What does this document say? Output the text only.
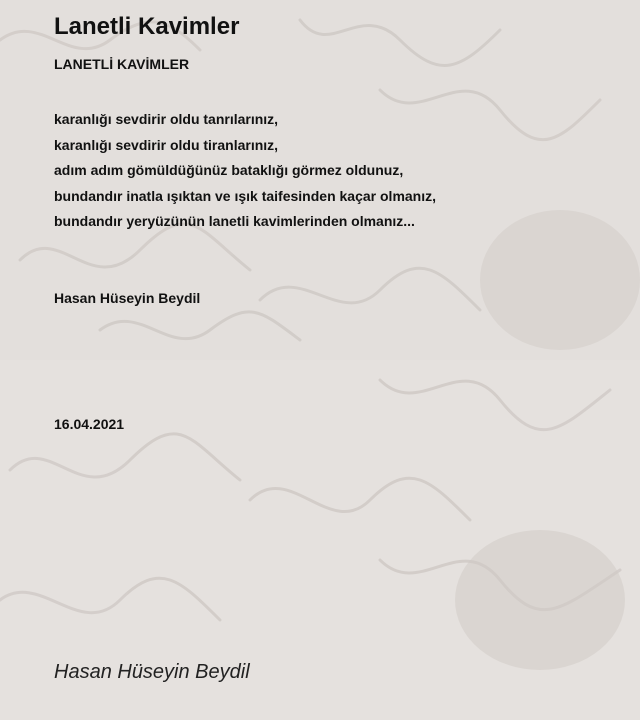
Lanetli Kavimler
LANETLİ KAVİMLER
karanlığı sevdirir oldu tanrılarınız,
karanlığı sevdirir oldu tiranlarınız,
adım adım gömüldüğünüz bataklığı görmez oldunuz,
bundandır inatla ışıktan ve ışık taifesinden kaçar olmanız,
bundandır yeryüzünün lanetli kavimlerinden olmanız...
Hasan Hüseyin Beydil
16.04.2021
Hasan Hüseyin Beydil
